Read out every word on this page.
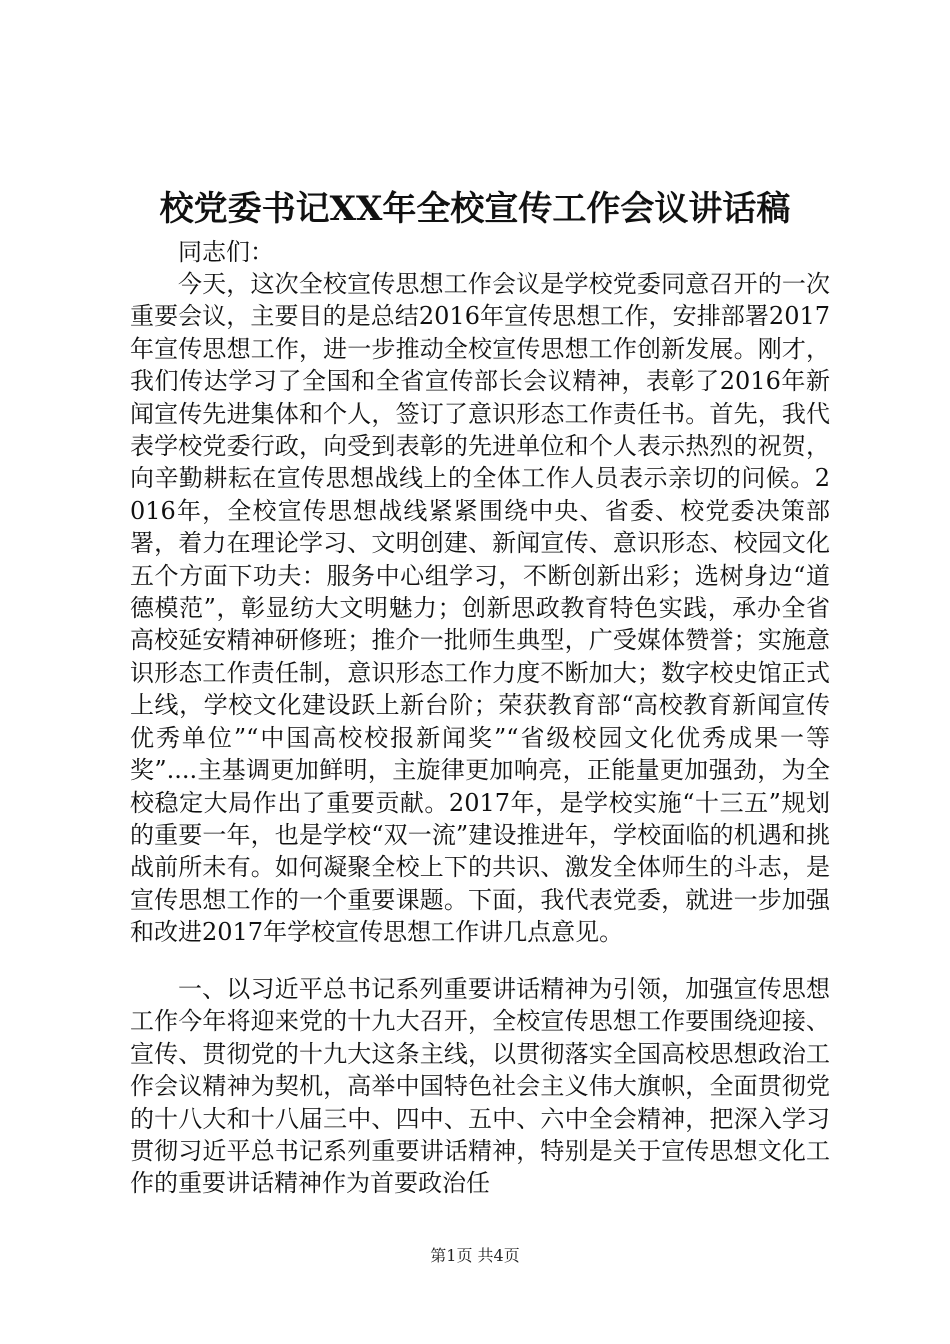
校党委书记XX年全校宣传工作会议讲话稿

同志们：

今天，这次全校宣传思想工作会议是学校党委同意召开的一次重要会议，主要目的是总结2016年宣传思想工作，安排部署2017年宣传思想工作，进一步推动全校宣传思想工作创新发展。刚才，我们传达学习了全国和全省宣传部长会议精神，表彰了2016年新闻宣传先进集体和个人，签订了意识形态工作责任书。首先，我代表学校党委行政，向受到表彰的先进单位和个人表示热烈的祝贺，向辛勤耕耘在宣传思想战线上的全体工作人员表示亲切的问候。2016年，全校宣传思想战线紧紧围绕中央、省委、校党委决策部署，着力在理论学习、文明创建、新闻宣传、意识形态、校园文化五个方面下功夫：服务中心组学习，不断创新出彩；选树身边“道德模范”，彰显纺大文明魅力；创新思政教育特色实践，承办全省高校延安精神研修班；推介一批师生典型，广受媒体赞誉；实施意识形态工作责任制，意识形态工作力度不断加大；数字校史馆正式上线，学校文化建设跃上新台阶；荣获教育部“高校教育新闻宣传优秀单位”“中国高校校报新闻奖”“省级校园文化优秀成果一等奖”....主基调更加鲜明，主旋律更加响亮，正能量更加强劲，为全校稳定大局作出了重要贡献。2017年，是学校实施“十三五”规划的重要一年，也是学校“双一流”建设推进年，学校面临的机遇和挑战前所未有。如何凝聚全校上下的共识、激发全体师生的斗志，是宣传思想工作的一个重要课题。下面，我代表党委，就进一步加强和改进2017年学校宣传思想工作讲几点意见。

一、以习近平总书记系列重要讲话精神为引领，加强宣传思想工作今年将迎来党的十九大召开，全校宣传思想工作要围绕迎接、宣传、贯彻党的十九大这条主线，以贯彻落实全国高校思想政治工作会议精神为契机，高举中国特色社会主义伟大旗帜，全面贯彻党的十八大和十八届三中、四中、五中、六中全会精神，把深入学习贯彻习近平总书记系列重要讲话精神，特别是关于宣传思想文化工作的重要讲话精神作为首要政治任

第1页 共4页
